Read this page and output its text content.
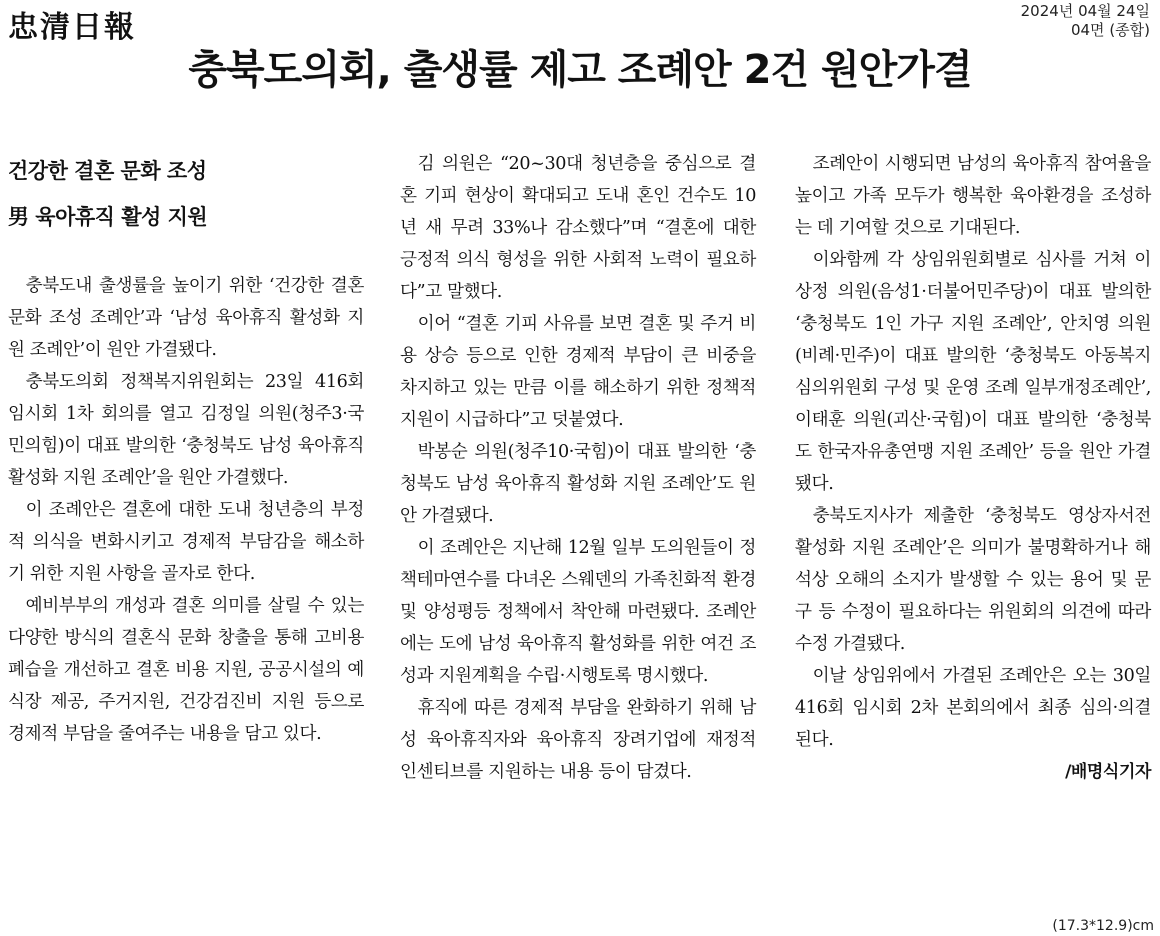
忠清日報	2024년 04월 24일
04면 (종합)
충북도의회, 출생률 제고 조례안 2건 원안가결
건강한 결혼 문화 조성
男 육아휴직 활성 지원

충북도내 출생률을 높이기 위한 ‘건강한 결혼문화 조성 조례안’과 ‘남성 육아휴직 활성화 지원 조례안’이 원안 가결됐다.

충북도의회 정책복지위원회는 23일 416회 임시회 1차 회의를 열고 김정일 의원(청주3·국민의힘)이 대표 발의한 ‘충청북도 남성 육아휴직 활성화 지원 조례안’을 원안 가결했다.

이 조례안은 결혼에 대한 도내 청년층의 부정적 의식을 변화시키고 경제적 부담감을 해소하기 위한 지원 사항을 골자로 한다.

예비부부의 개성과 결혼 의미를 살릴 수 있는 다양한 방식의 결혼식 문화 창출을 통해 고비용 폐습을 개선하고 결혼 비용 지원, 공공시설의 예식장 제공, 주거지원, 건강검진비 지원 등으로 경제적 부담을 줄여주는 내용을 담고 있다.

김 의원은 “20~30대 청년층을 중심으로 결혼 기피 현상이 확대되고 도내 혼인 건수도 10년 새 무려 33%나 감소했다”며 “결혼에 대한 긍정적 의식 형성을 위한 사회적 노력이 필요하다”고 말했다.

이어 “결혼 기피 사유를 보면 결혼 및 주거 비용 상승 등으로 인한 경제적 부담이 큰 비중을 차지하고 있는 만큼 이를 해소하기 위한 정책적 지원이 시급하다”고 덧붙였다.

박봉순 의원(청주10·국힘)이 대표 발의한 ‘충청북도 남성 육아휴직 활성화 지원 조례안’도 원안 가결됐다.

이 조례안은 지난해 12월 일부 도의원들이 정책테마연수를 다녀온 스웨덴의 가족친화적 환경 및 양성평등 정책에서 착안해 마련됐다. 조례안에는 도에 남성 육아휴직 활성화를 위한 여건 조성과 지원계획을 수립·시행토록 명시했다.

휴직에 따른 경제적 부담을 완화하기 위해 남성 육아휴직자와 육아휴직 장려기업에 재정적 인센티브를 지원하는 내용 등이 담겼다.

조례안이 시행되면 남성의 육아휴직 참여율을 높이고 가족 모두가 행복한 육아환경을 조성하는 데 기여할 것으로 기대된다.

이와함께 각 상임위원회별로 심사를 거쳐 이상정 의원(음성1·더불어민주당)이 대표 발의한 ‘충청북도 1인 가구 지원 조례안’, 안치영 의원(비례·민주)이 대표 발의한 ‘충청북도 아동복지심의위원회 구성 및 운영 조례 일부개정조례안’, 이태훈 의원(괴산·국힘)이 대표 발의한 ‘충청북도 한국자유총연맹 지원 조례안’ 등을 원안 가결됐다.

충북도지사가 제출한 ‘충청북도 영상자서전 활성화 지원 조례안’은 의미가 불명확하거나 해석상 오해의 소지가 발생할 수 있는 용어 및 문구 등 수정이 필요하다는 위원회의 의견에 따라 수정 가결됐다.

이날 상임위에서 가결된 조례안은 오는 30일 416회 임시회 2차 본회의에서 최종 심의·의결된다.

/배명식기자
(17.3*12.9)cm
